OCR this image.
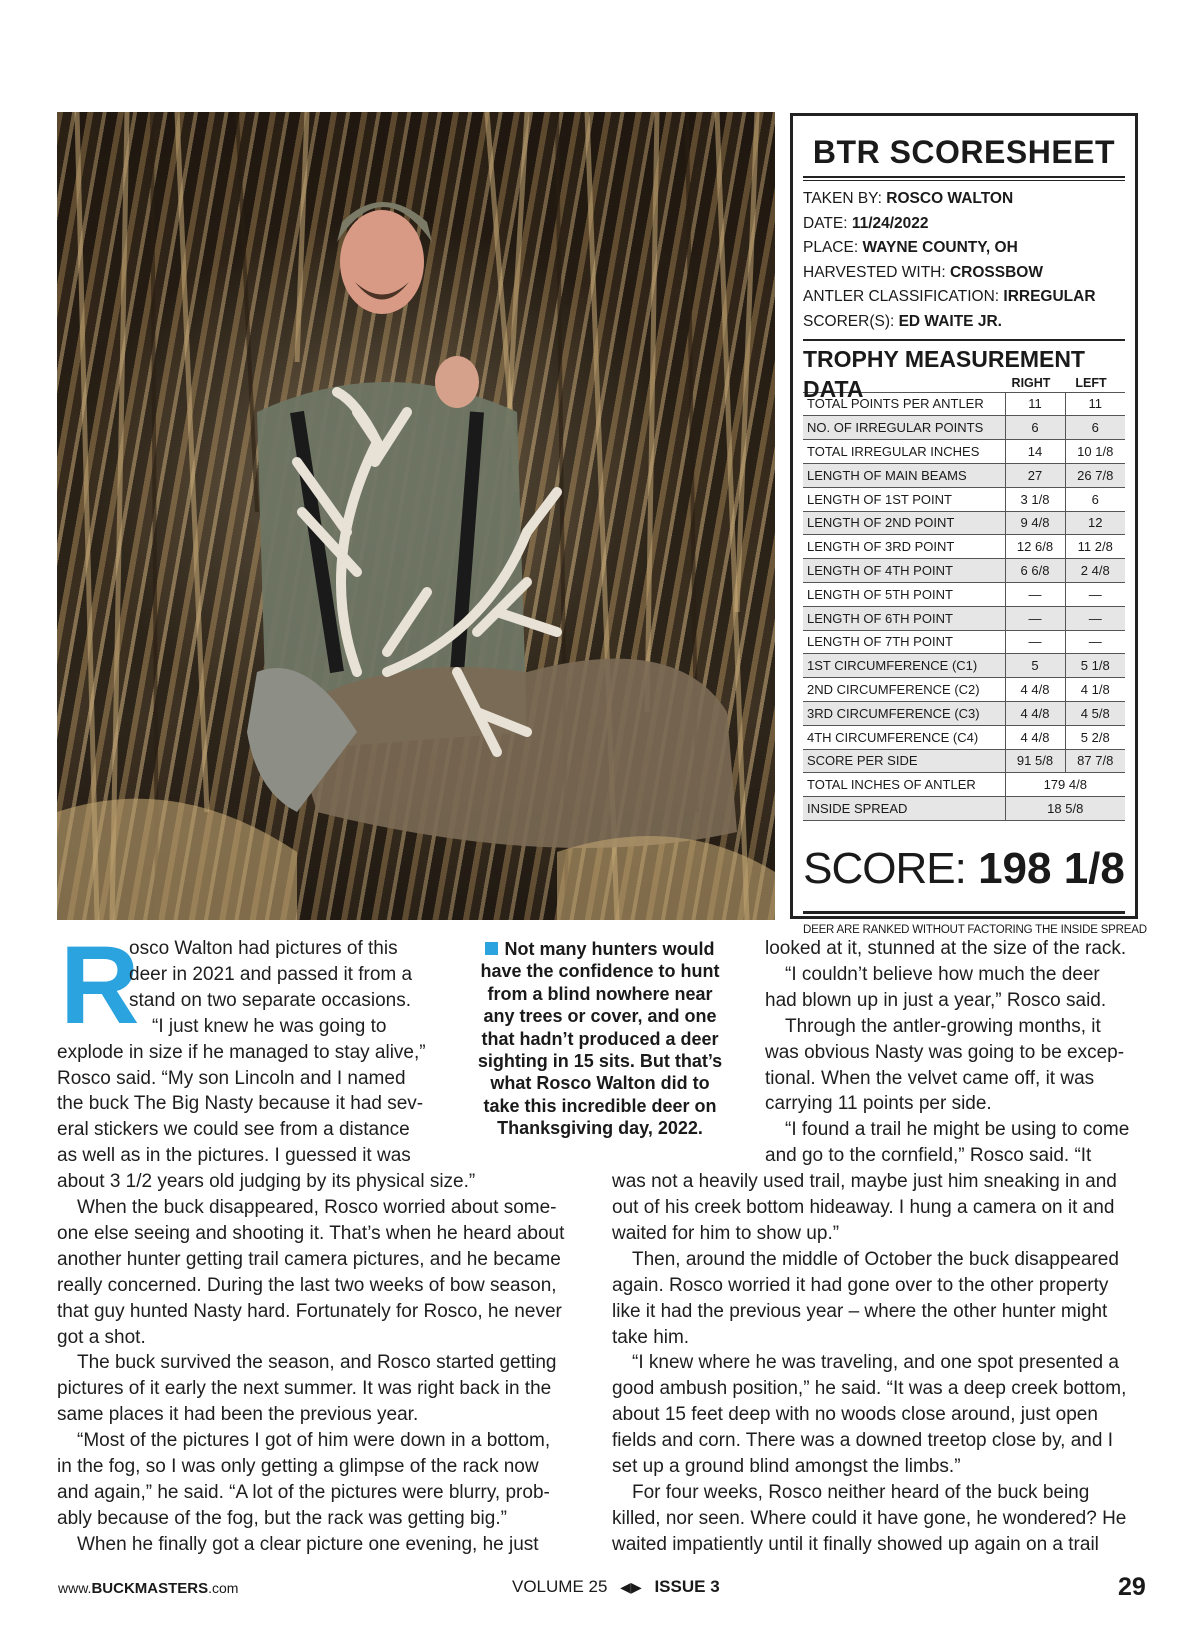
BTR SCORESHEET
TAKEN BY: ROSCO WALTON
DATE: 11/24/2022
PLACE: WAYNE COUNTY, OH
HARVESTED WITH: CROSSBOW
ANTLER CLASSIFICATION: IRREGULAR
SCORER(S): ED WAITE JR.
TROPHY MEASUREMENT DATA	RIGHT	LEFT
TOTAL POINTS PER ANTLER	11	11
NO. OF IRREGULAR POINTS	6	6
TOTAL IRREGULAR INCHES	14	10 1/8
LENGTH OF MAIN BEAMS	27	26 7/8
LENGTH OF 1ST POINT	3 1/8	6
LENGTH OF 2ND POINT	9 4/8	12
LENGTH OF 3RD POINT	12 6/8	11 2/8
LENGTH OF 4TH POINT	6 6/8	2 4/8
LENGTH OF 5TH POINT	—	—
LENGTH OF 6TH POINT	—	—
LENGTH OF 7TH POINT	—	—
1ST CIRCUMFERENCE (C1)	5	5 1/8
2ND CIRCUMFERENCE (C2)	4 4/8	4 1/8
3RD CIRCUMFERENCE (C3)	4 4/8	4 5/8
4TH CIRCUMFERENCE (C4)	4 4/8	5 2/8
SCORE PER SIDE	91 5/8	87 7/8
TOTAL INCHES OF ANTLER	179 4/8	
INSIDE SPREAD	18 5/8	
SCORE: 198 1/8
DEER ARE RANKED WITHOUT FACTORING THE INSIDE SPREAD
R
osco Walton had pictures of this
deer in 2021 and passed it from a
stand on two separate occasions.
“I just knew he was going to
explode in size if he managed to stay alive,”
Rosco said. “My son Lincoln and I named
the buck The Big Nasty because it had sev-
eral stickers we could see from a distance
as well as in the pictures. I guessed it was
about 3 1/2 years old judging by its physical size.”
When the buck disappeared, Rosco worried about some-
one else seeing and shooting it. That’s when he heard about
another hunter getting trail camera pictures, and he became
really concerned. During the last two weeks of bow season,
that guy hunted Nasty hard. Fortunately for Rosco, he never
got a shot.
The buck survived the season, and Rosco started getting
pictures of it early the next summer. It was right back in the
same places it had been the previous year.
“Most of the pictures I got of him were down in a bottom,
in the fog, so I was only getting a glimpse of the rack now
and again,” he said. “A lot of the pictures were blurry, prob-
ably because of the fog, but the rack was getting big.”
When he finally got a clear picture one evening, he just
looked at it, stunned at the size of the rack.
“I couldn’t believe how much the deer
had blown up in just a year,” Rosco said.
Through the antler-growing months, it
was obvious Nasty was going to be excep-
tional. When the velvet came off, it was
carrying 11 points per side.
“I found a trail he might be using to come
and go to the cornfield,” Rosco said. “It
was not a heavily used trail, maybe just him sneaking in and
out of his creek bottom hideaway. I hung a camera on it and
waited for him to show up.”
Then, around the middle of October the buck disappeared
again. Rosco worried it had gone over to the other property
like it had the previous year – where the other hunter might
take him.
“I knew where he was traveling, and one spot presented a
good ambush position,” he said. “It was a deep creek bottom,
about 15 feet deep with no woods close around, just open
fields and corn. There was a downed treetop close by, and I
set up a ground blind amongst the limbs.”
For four weeks, Rosco neither heard of the buck being
killed, nor seen. Where could it have gone, he wondered? He
waited impatiently until it finally showed up again on a trail
Not many hunters would
have the confidence to hunt
from a blind nowhere near
any trees or cover, and one
that hadn’t produced a deer
sighting in 15 sits. But that’s
what Rosco Walton did to
take this incredible deer on
Thanksgiving day, 2022.
www.BUCKMASTERS.com	VOLUME 25 ◀▶ ISSUE 3	29
